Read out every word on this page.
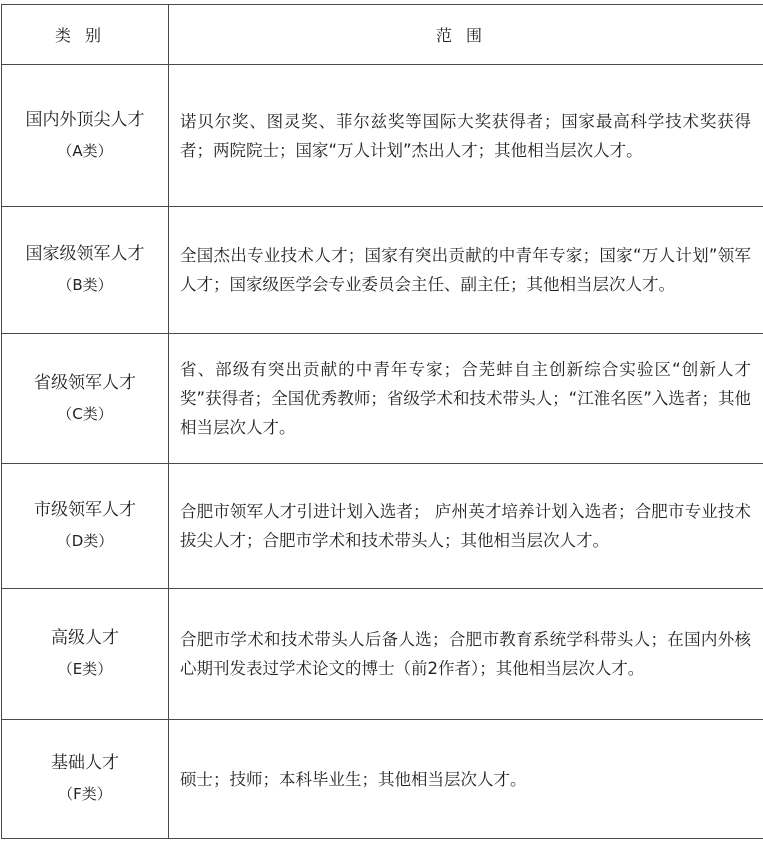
类别	范围
国内外顶尖人才
（A类）	诺贝尔奖、图灵奖、菲尔兹奖等国际大奖获得者；国家最高科学技术奖获得者；两院院士；国家“万人计划”杰出人才；其他相当层次人才。
国家级领军人才
（B类）	全国杰出专业技术人才；国家有突出贡献的中青年专家；国家“万人计划”领军人才；国家级医学会专业委员会主任、副主任；其他相当层次人才。
省级领军人才
（C类）	省、部级有突出贡献的中青年专家；合芜蚌自主创新综合实验区“创新人才奖”获得者；全国优秀教师；省级学术和技术带头人；“江淮名医”入选者；其他相当层次人才。
市级领军人才
（D类）	合肥市领军人才引进计划入选者； 庐州英才培养计划入选者；合肥市专业技术拔尖人才；合肥市学术和技术带头人；其他相当层次人才。
高级人才
（E类）	合肥市学术和技术带头人后备人选；合肥市教育系统学科带头人；在国内外核心期刊发表过学术论文的博士（前2作者）；其他相当层次人才。
基础人才
（F类）	硕士；技师；本科毕业生；其他相当层次人才。
